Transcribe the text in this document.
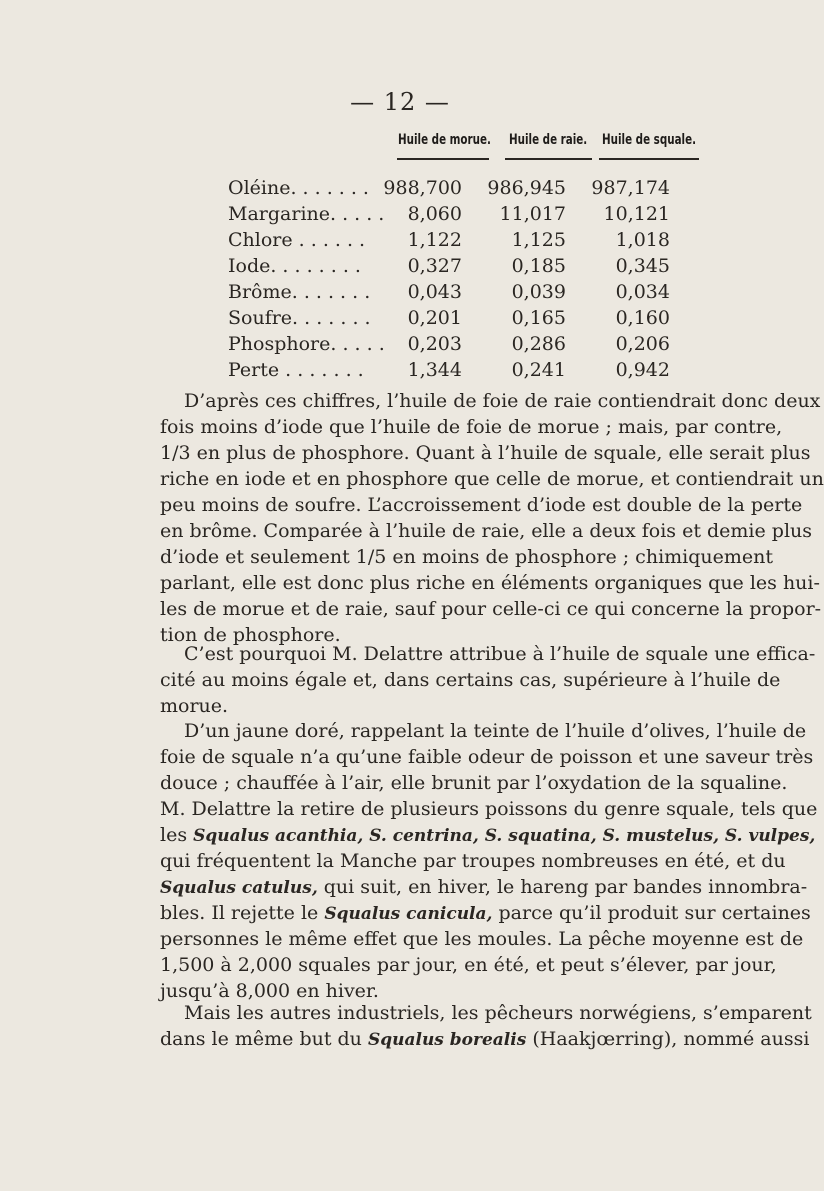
— 12 —
Huile de morue. Huile de raie. Huile de squale.
Oléine. . . . . . . 988,700	986,945	987,174
Margarine. . . . .	8,060	11,017	10,121
Chlore . . . . . .	1,122	1,125	1,018
Iode. . . . . . . .	0,327	0,185	0,345
Brôme. . . . . . .	0,043	0,039	0,034
Soufre. . . . . . .	0,201	0,165	0,160
Phosphore. . . . .	0,203	0,286	0,206
Perte . . . . . . .	1,344	0,241	0,942
D’après ces chiffres, l’huile de foie de raie contiendrait donc deux
fois moins d’iode que l’huile de foie de morue ; mais, par contre,
1/3 en plus de phosphore. Quant à l’huile de squale, elle serait plus
riche en iode et en phosphore que celle de morue, et contiendrait un
peu moins de soufre. L’accroissement d’iode est double de la perte
en brôme. Comparée à l’huile de raie, elle a deux fois et demie plus
d’iode et seulement 1/5 en moins de phosphore ; chimiquement
parlant, elle est donc plus riche en éléments organiques que les hui-
les de morue et de raie, sauf pour celle-ci ce qui concerne la propor-
tion de phosphore.
C’est pourquoi M. Delattre attribue à l’huile de squale une effica-
cité au moins égale et, dans certains cas, supérieure à l’huile de
morue.
D’un jaune doré, rappelant la teinte de l’huile d’olives, l’huile de
foie de squale n’a qu’une faible odeur de poisson et une saveur très
douce ; chauffée à l’air, elle brunit par l’oxydation de la squaline.
M. Delattre la retire de plusieurs poissons du genre squale, tels que
les Squalus acanthia, S. centrina, S. squatina, S. mustelus, S. vulpes,
qui fréquentent la Manche par troupes nombreuses en été, et du
Squalus catulus, qui suit, en hiver, le hareng par bandes innombra-
bles. Il rejette le Squalus canicula, parce qu’il produit sur certaines
personnes le même effet que les moules. La pêche moyenne est de
1,500 à 2,000 squales par jour, en été, et peut s’élever, par jour,
jusqu’à 8,000 en hiver.
Mais les autres industriels, les pêcheurs norwégiens, s’emparent
dans le même but du Squalus borealis (Haakjœrring), nommé aussi
